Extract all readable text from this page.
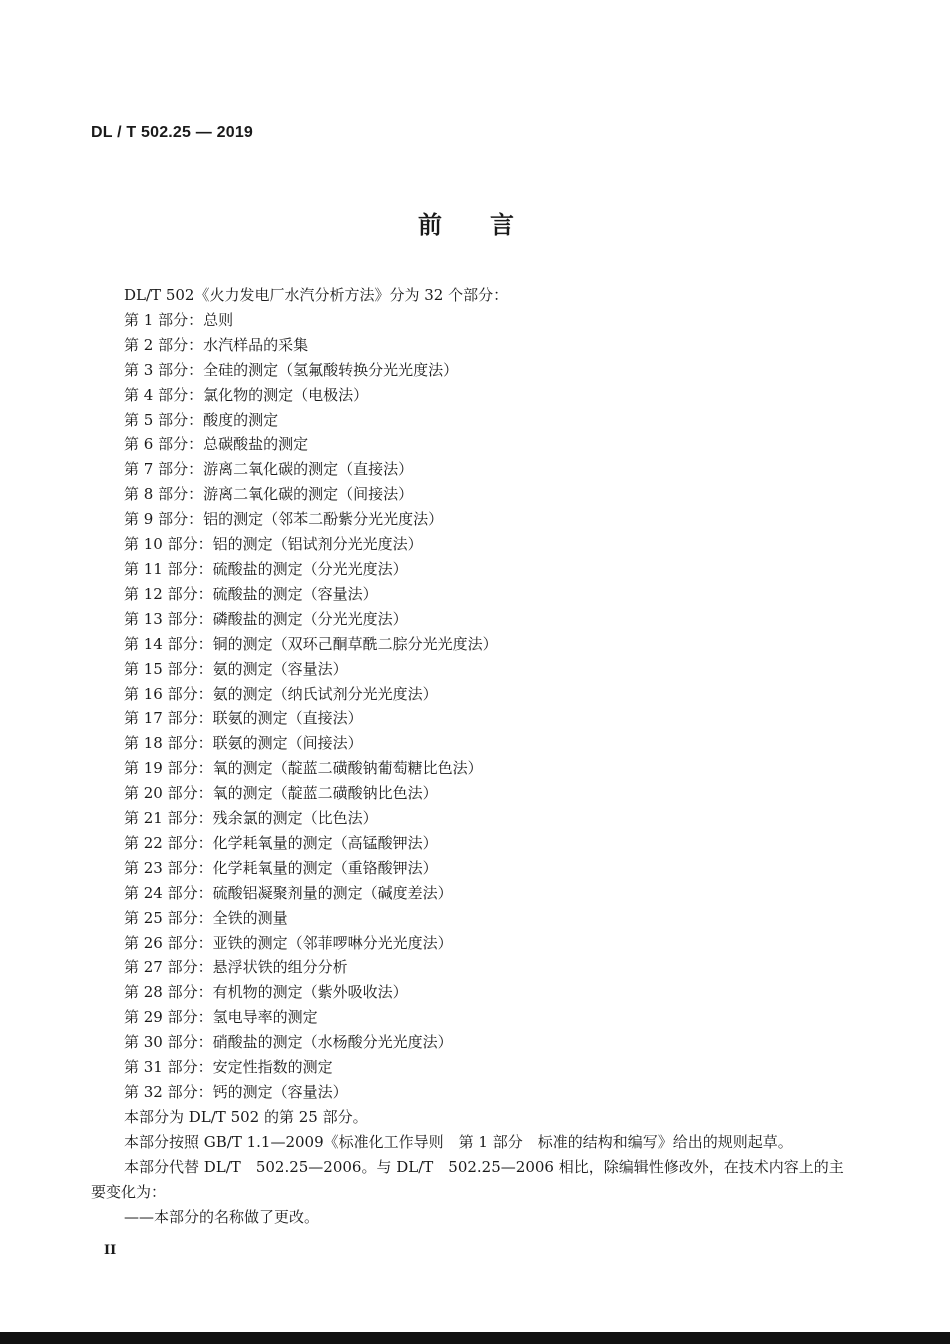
DL / T 502.25 — 2019
前言

DL/T 502《火力发电厂水汽分析方法》分为 32 个部分：

第 1 部分：总则

第 2 部分：水汽样品的采集

第 3 部分：全硅的测定（氢氟酸转换分光光度法）

第 4 部分：氯化物的测定（电极法）

第 5 部分：酸度的测定

第 6 部分：总碳酸盐的测定

第 7 部分：游离二氧化碳的测定（直接法）

第 8 部分：游离二氧化碳的测定（间接法）

第 9 部分：铝的测定（邻苯二酚紫分光光度法）

第 10 部分：铝的测定（铝试剂分光光度法）

第 11 部分：硫酸盐的测定（分光光度法）

第 12 部分：硫酸盐的测定（容量法）

第 13 部分：磷酸盐的测定（分光光度法）

第 14 部分：铜的测定（双环己酮草酰二腙分光光度法）

第 15 部分：氨的测定（容量法）

第 16 部分：氨的测定（纳氏试剂分光光度法）

第 17 部分：联氨的测定（直接法）

第 18 部分：联氨的测定（间接法）

第 19 部分：氧的测定（靛蓝二磺酸钠葡萄糖比色法）

第 20 部分：氧的测定（靛蓝二磺酸钠比色法）

第 21 部分：残余氯的测定（比色法）

第 22 部分：化学耗氧量的测定（高锰酸钾法）

第 23 部分：化学耗氧量的测定（重铬酸钾法）

第 24 部分：硫酸铝凝聚剂量的测定（碱度差法）

第 25 部分：全铁的测量

第 26 部分：亚铁的测定（邻菲啰啉分光光度法）

第 27 部分：悬浮状铁的组分分析

第 28 部分：有机物的测定（紫外吸收法）

第 29 部分：氢电导率的测定

第 30 部分：硝酸盐的测定（水杨酸分光光度法）

第 31 部分：安定性指数的测定

第 32 部分：钙的测定（容量法）

本部分为 DL/T 502 的第 25 部分。

本部分按照 GB/T 1.1—2009《标准化工作导则　第 1 部分　标准的结构和编写》给出的规则起草。

本部分代替 DL/T　502.25—2006。与 DL/T　502.25—2006 相比，除编辑性修改外，在技术内容上的主要变化为：

——本部分的名称做了更改。

II
